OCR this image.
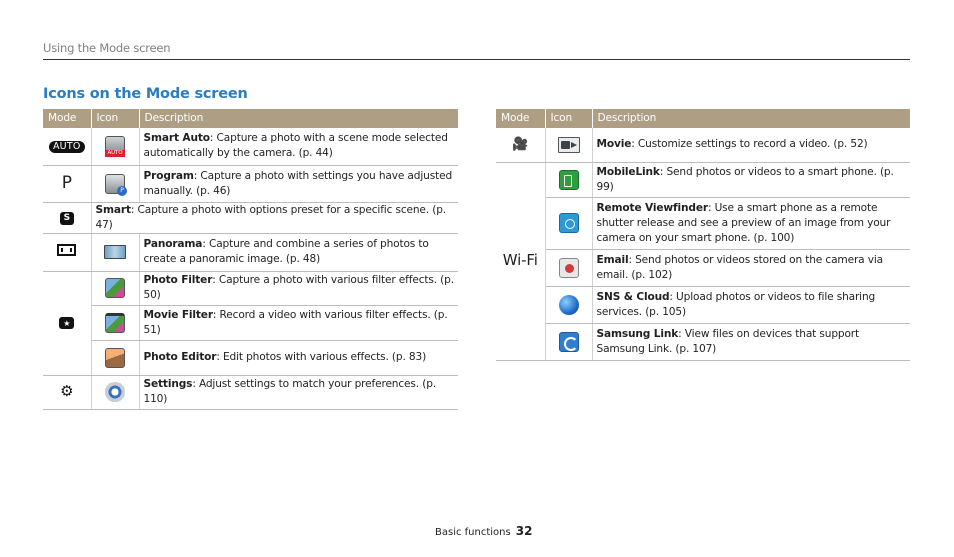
Using the Mode screen
Icons on the Mode screen
Mode	Icon	Description
AUTO	AUTO	Smart Auto: Capture a photo with a scene mode selected automatically by the camera. (p. 44)
P	P	Program: Capture a photo with settings you have adjusted manually. (p. 46)
S	Smart: Capture a photo with options preset for a specific scene. (p. 47)	
		Panorama: Capture and combine a series of photos to create a panoramic image. (p. 48)
★		Photo Filter: Capture a photo with various filter effects. (p. 50)
		Movie Filter: Record a video with various filter effects. (p. 51)
		Photo Editor: Edit photos with various effects. (p. 83)
⚙		Settings: Adjust settings to match your preferences. (p. 110)
Mode	Icon	Description
🎥		Movie: Customize settings to record a video. (p. 52)
Wi-Fi		MobileLink: Send photos or videos to a smart phone. (p. 99)
		Remote Viewfinder: Use a smart phone as a remote shutter release and see a preview of an image from your camera on your smart phone. (p. 100)
		Email: Send photos or videos stored on the camera via email. (p. 102)
		SNS & Cloud: Upload photos or videos to file sharing services. (p. 105)
		Samsung Link: View files on devices that support Samsung Link. (p. 107)
Basic functions 32
